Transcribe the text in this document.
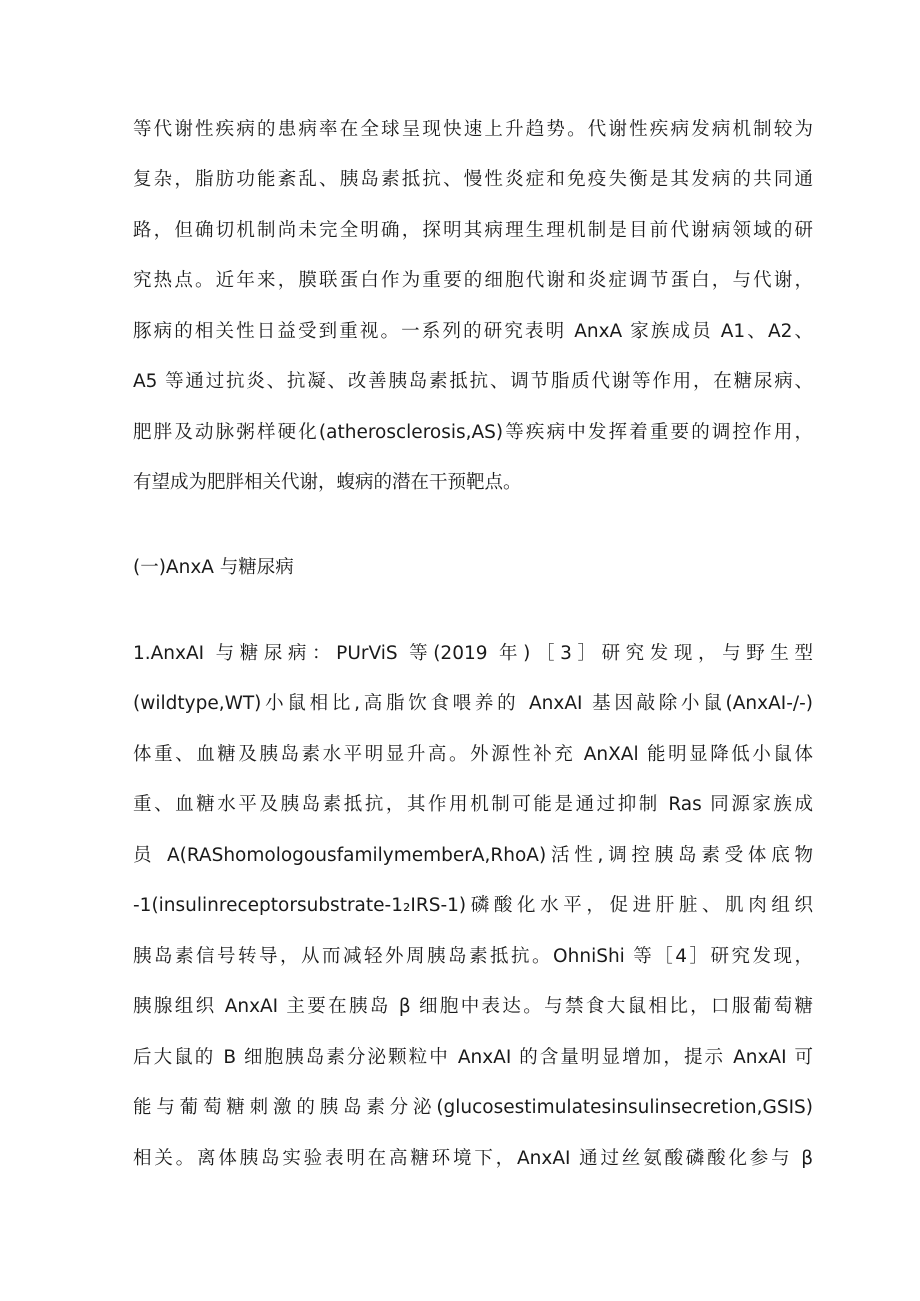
等代谢性疾病的患病率在全球呈现快速上升趋势。代谢性疾病发病机制较为
复杂，脂肪功能紊乱、胰岛素抵抗、慢性炎症和免疫失衡是其发病的共同通
路，但确切机制尚未完全明确，探明其病理生理机制是目前代谢病领域的研
究热点。近年来，膜联蛋白作为重要的细胞代谢和炎症调节蛋白，与代谢，
豚病的相关性日益受到重视。一系列的研究表明 AnxA 家族成员 A1、A2、
A5 等通过抗炎、抗凝、改善胰岛素抵抗、调节脂质代谢等作用，在糖尿病、
肥胖及动脉粥样硬化(atherosclerosis,AS)等疾病中发挥着重要的调控作用，
有望成为肥胖相关代谢，蝮病的潜在干预靶点。
(一)AnxA 与糖尿病
1.AnxAI 与糖尿病：PUrViS 等(2019 年)［3］研究发现，与野生型
(wildtype,WT)小鼠相比,高脂饮食喂养的 AnxAI 基因敲除小鼠(AnxAI-/-)
体重、血糖及胰岛素水平明显升高。外源性补充 AnXAl 能明显降低小鼠体
重、血糖水平及胰岛素抵抗，其作用机制可能是通过抑制 Ras 同源家族成
员 A(RAShomologousfamilymemberA,RhoA)活性,调控胰岛素受体底物
-1(insulinreceptorsubstrate-1₂IRS-1)磷酸化水平，促进肝脏、肌肉组织
胰岛素信号转导，从而减轻外周胰岛素抵抗。OhniShi 等［4］研究发现，
胰腺组织 AnxAI 主要在胰岛 β 细胞中表达。与禁食大鼠相比，口服葡萄糖
后大鼠的 B 细胞胰岛素分泌颗粒中 AnxAI 的含量明显增加，提示 AnxAI 可
能与葡萄糖刺激的胰岛素分泌(glucosestimulatesinsulinsecretion,GSIS)
相关。离体胰岛实验表明在高糖环境下，AnxAI 通过丝氨酸磷酸化参与 β
